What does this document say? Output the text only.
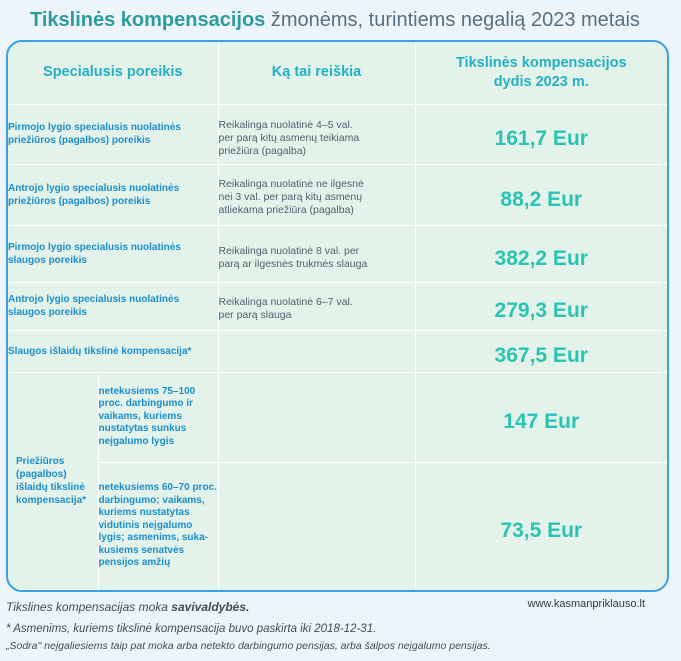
Tikslinės kompensacijos žmonėms, turintiems negalią 2023 metais
Specialusis poreikis		Ką tai reiškia	Tikslinės kompensacijos dydis 2023 m.
Pirmojo lygio specialusis nuolatinės priežiūros (pagalbos) poreikis		Reikalinga nuolatinė 4–5 val.
per parą kitų asmenų teikiama
priežiūra (pagalba)	161,7 Eur
Antrojo lygio specialusis nuolatinės priežiūros (pagalbos) poreikis		Reikalinga nuolatinė ne ilgesnė
nei 3 val. per parą kitų asmenų
atliekama priežiūra (pagalba)	88,2 Eur
Pirmojo lygio specialusis nuolatinės slaugos poreikis		Reikalinga nuolatinė 8 val. per
parą ar ilgesnės trukmės slauga	382,2 Eur
Antrojo lygio specialusis nuolatinės slaugos poreikis		Reikalinga nuolatinė 6–7 val.
per parą slauga	279,3 Eur
Slaugos išlaidų tikslinė kompensacija*			367,5 Eur
Priežiūros (pagalbos) išlaidų tikslinė kompensacija*	netekusiems 75–100 proc. darbingumo ir vaikams, kuriems nustatytas sunkus neįgalumo lygis		147 Eur
	netekusiems 60–70 proc. darbingumo; vaikams, kuriems nustatytas vidutinis neįgalumo lygis; asmenims, suka-kusiems senatvės pensijos amžių		73,5 Eur

Tikslines kompensacijas moka savivaldybės.	www.kasmanpriklauso.lt

* Asmenims, kuriems tikslinė kompensacija buvo paskirta iki 2018-12-31.

„Sodra" neįgaliesiems taip pat moka arba netekto darbingumo pensijas, arba šalpos neįgalumo pensijas.
